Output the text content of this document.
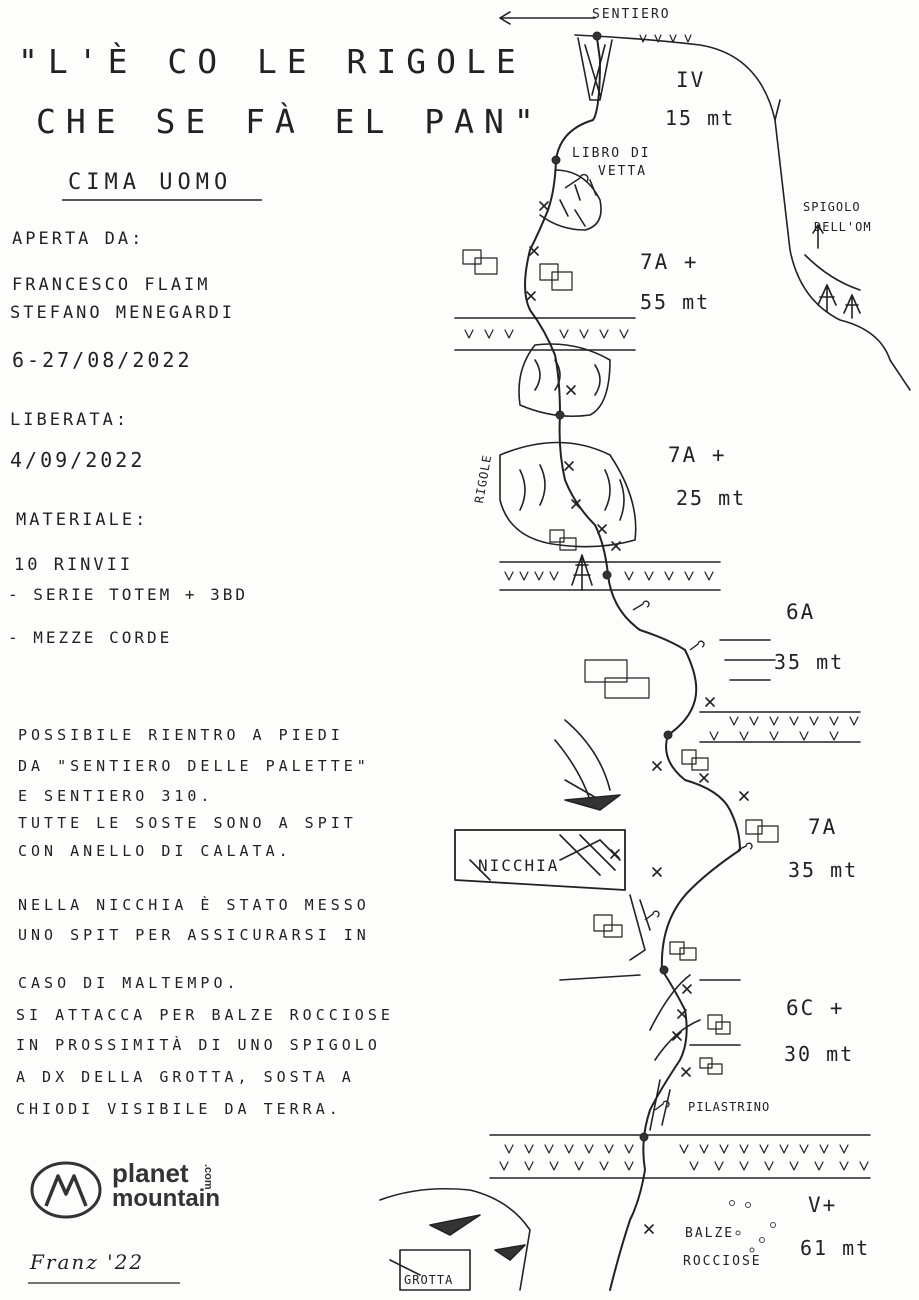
"L'È CO LE RIGOLE
CHE SE FÀ EL PAN"
CIMA UOMO
APERTA DA:
FRANCESCO FLAIM
STEFANO MENEGARDI
6-27/08/2022
LIBERATA:
4/09/2022
MATERIALE:
10 RINVII
- SERIE TOTEM + 3BD
- MEZZE CORDE
POSSIBILE RIENTRO A PIEDI
DA "SENTIERO DELLE PALETTE"
E SENTIERO 310.
TUTTE LE SOSTE SONO A SPIT
CON ANELLO DI CALATA.
NELLA NICCHIA È STATO MESSO
UNO SPIT PER ASSICURARSI IN
CASO DI MALTEMPO.
SI ATTACCA PER BALZE ROCCIOSE
IN PROSSIMITÀ DI UNO SPIGOLO
A DX DELLA GROTTA, SOSTA A
CHIODI VISIBILE DA TERRA.
IV
15 mt
7A +
55 mt
7A +
25 mt
6A
35 mt
7A
35 mt
6C +
30 mt
V+
61 mt
SENTIERO
LIBRO DI
VETTA
SPIGOLO
DELL'OM
RIGOLE
NICCHIA
PILASTRINO
BALZE
ROCCIOSE
GROTTA
planet
mountain
.com
Franz '22
